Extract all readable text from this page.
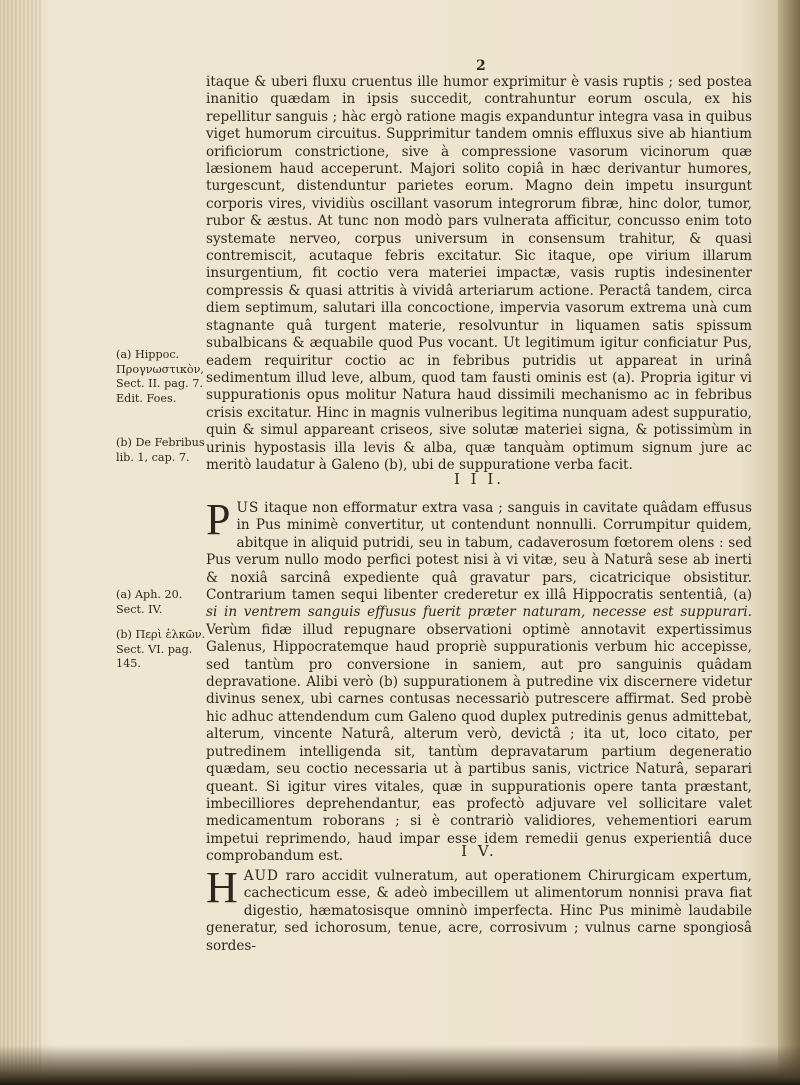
2

itaque & uberi fluxu cruentus ille humor exprimitur è vasis ruptis ; sed postea inanitio quædam in ipsis succedit, contrahuntur eorum oscula, ex his repellitur sanguis ; hàc ergò ratione magis expanduntur integra vasa in quibus viget humorum circuitus. Supprimitur tandem omnis effluxus sive ab hiantium orificiorum constrictione, sive à compressione vasorum vicinorum quæ læsionem haud acceperunt. Majori solito copiâ in hæc derivantur humores, turgescunt, distenduntur parietes eorum. Magno dein impetu insurgunt corporis vires, vividiùs oscillant vasorum integrorum fibræ, hinc dolor, tumor, rubor & æstus. At tunc non modò pars vulnerata afficitur, concusso enim toto systemate nerveo, corpus universum in consensum trahitur, & quasi contremiscit, acutaque febris excitatur. Sic itaque, ope virium illarum insurgentium, fit coctio vera materiei impactæ, vasis ruptis indesinenter compressis & quasi attritis à vividâ arteriarum actione. Peractâ tandem, circa diem septimum, salutari illa concoctione, impervia vasorum extrema unà cum stagnante quâ turgent materie, resolvuntur in liquamen satis spissum subalbicans & æquabile quod Pus vocant. Ut legitimum igitur conficiatur Pus, eadem requiritur coctio ac in febribus putridis ut appareat in urinâ sedimentum illud leve, album, quod tam fausti ominis est (a). Propria igitur vi suppurationis opus molitur Natura haud dissimili mechanismo ac in febribus crisis excitatur. Hinc in magnis vulneribus legitima nunquam adest suppuratio, quin & simul appareant criseos, sive solutæ materiei signa, & potissimùm in urinis hypostasis illa levis & alba, quæ tanquàm optimum signum jure ac meritò laudatur à Galeno (b), ubi de suppuratione verba facit.

(a) Hippoc. Προγνωστικὸν, Sect. II. pag. 7. Edit. Foes.
(b) De Febribus lib. 1, cap. 7.
I I I.
P US itaque non efformatur extra vasa ; sanguis in cavitate quâdam effusus in Pus minimè convertitur, ut contendunt nonnulli. Corrumpitur quidem, abitque in aliquid putridi, seu in tabum, cadaverosum fœtorem olens : sed Pus verum nullo modo perfici potest nisi à vi vitæ, seu à Naturâ sese ab inerti & noxiâ sarcinâ expediente quâ gravatur pars, cicatricique obsistitur. Contrarium tamen sequi libenter crederetur ex illâ Hippocratis sententiâ, (a) si in ventrem sanguis effusus fuerit præter naturam, necesse est suppurari. Verùm fidæ illud repugnare observationi optimè annotavit expertissimus Galenus, Hippocratemque haud propriè suppurationis verbum hic accepisse, sed tantùm pro conversione in saniem, aut pro sanguinis quâdam depravatione. Alibi verò (b) suppurationem à putredine vix discernere videtur divinus senex, ubi carnes contusas necessariò putrescere affirmat. Sed probè hic adhuc attendendum cum Galeno quod duplex putredinis genus admittebat, alterum, vincente Naturâ, alterum verò, devictâ ; ita ut, loco citato, per putredinem intelligenda sit, tantùm depravatarum partium degeneratio quædam, seu coctio necessaria ut à partibus sanis, victrice Naturâ, separari queant. Si igitur vires vitales, quæ in suppurationis opere tanta præstant, imbecilliores deprehendantur, eas profectò adjuvare vel sollicitare valet medicamentum roborans ; si è contrariò validiores, vehementiori earum impetui reprimendo, haud impar esse idem remedii genus experientiâ duce comprobandum est.

(a) Aph. 20. Sect. IV.
(b) Περὶ ἑλκῶν. Sect. VI. pag. 145.
I V.
H AUD raro accidit vulneratum, aut operationem Chirurgicam expertum, cachecticum esse, & adeò imbecillem ut alimentorum nonnisi prava fiat digestio, hæmatosisque omninò imperfecta. Hinc Pus minimè laudabile generatur, sed ichorosum, tenue, acre, corrosivum ; vulnus carne spongiosâ sordes-
